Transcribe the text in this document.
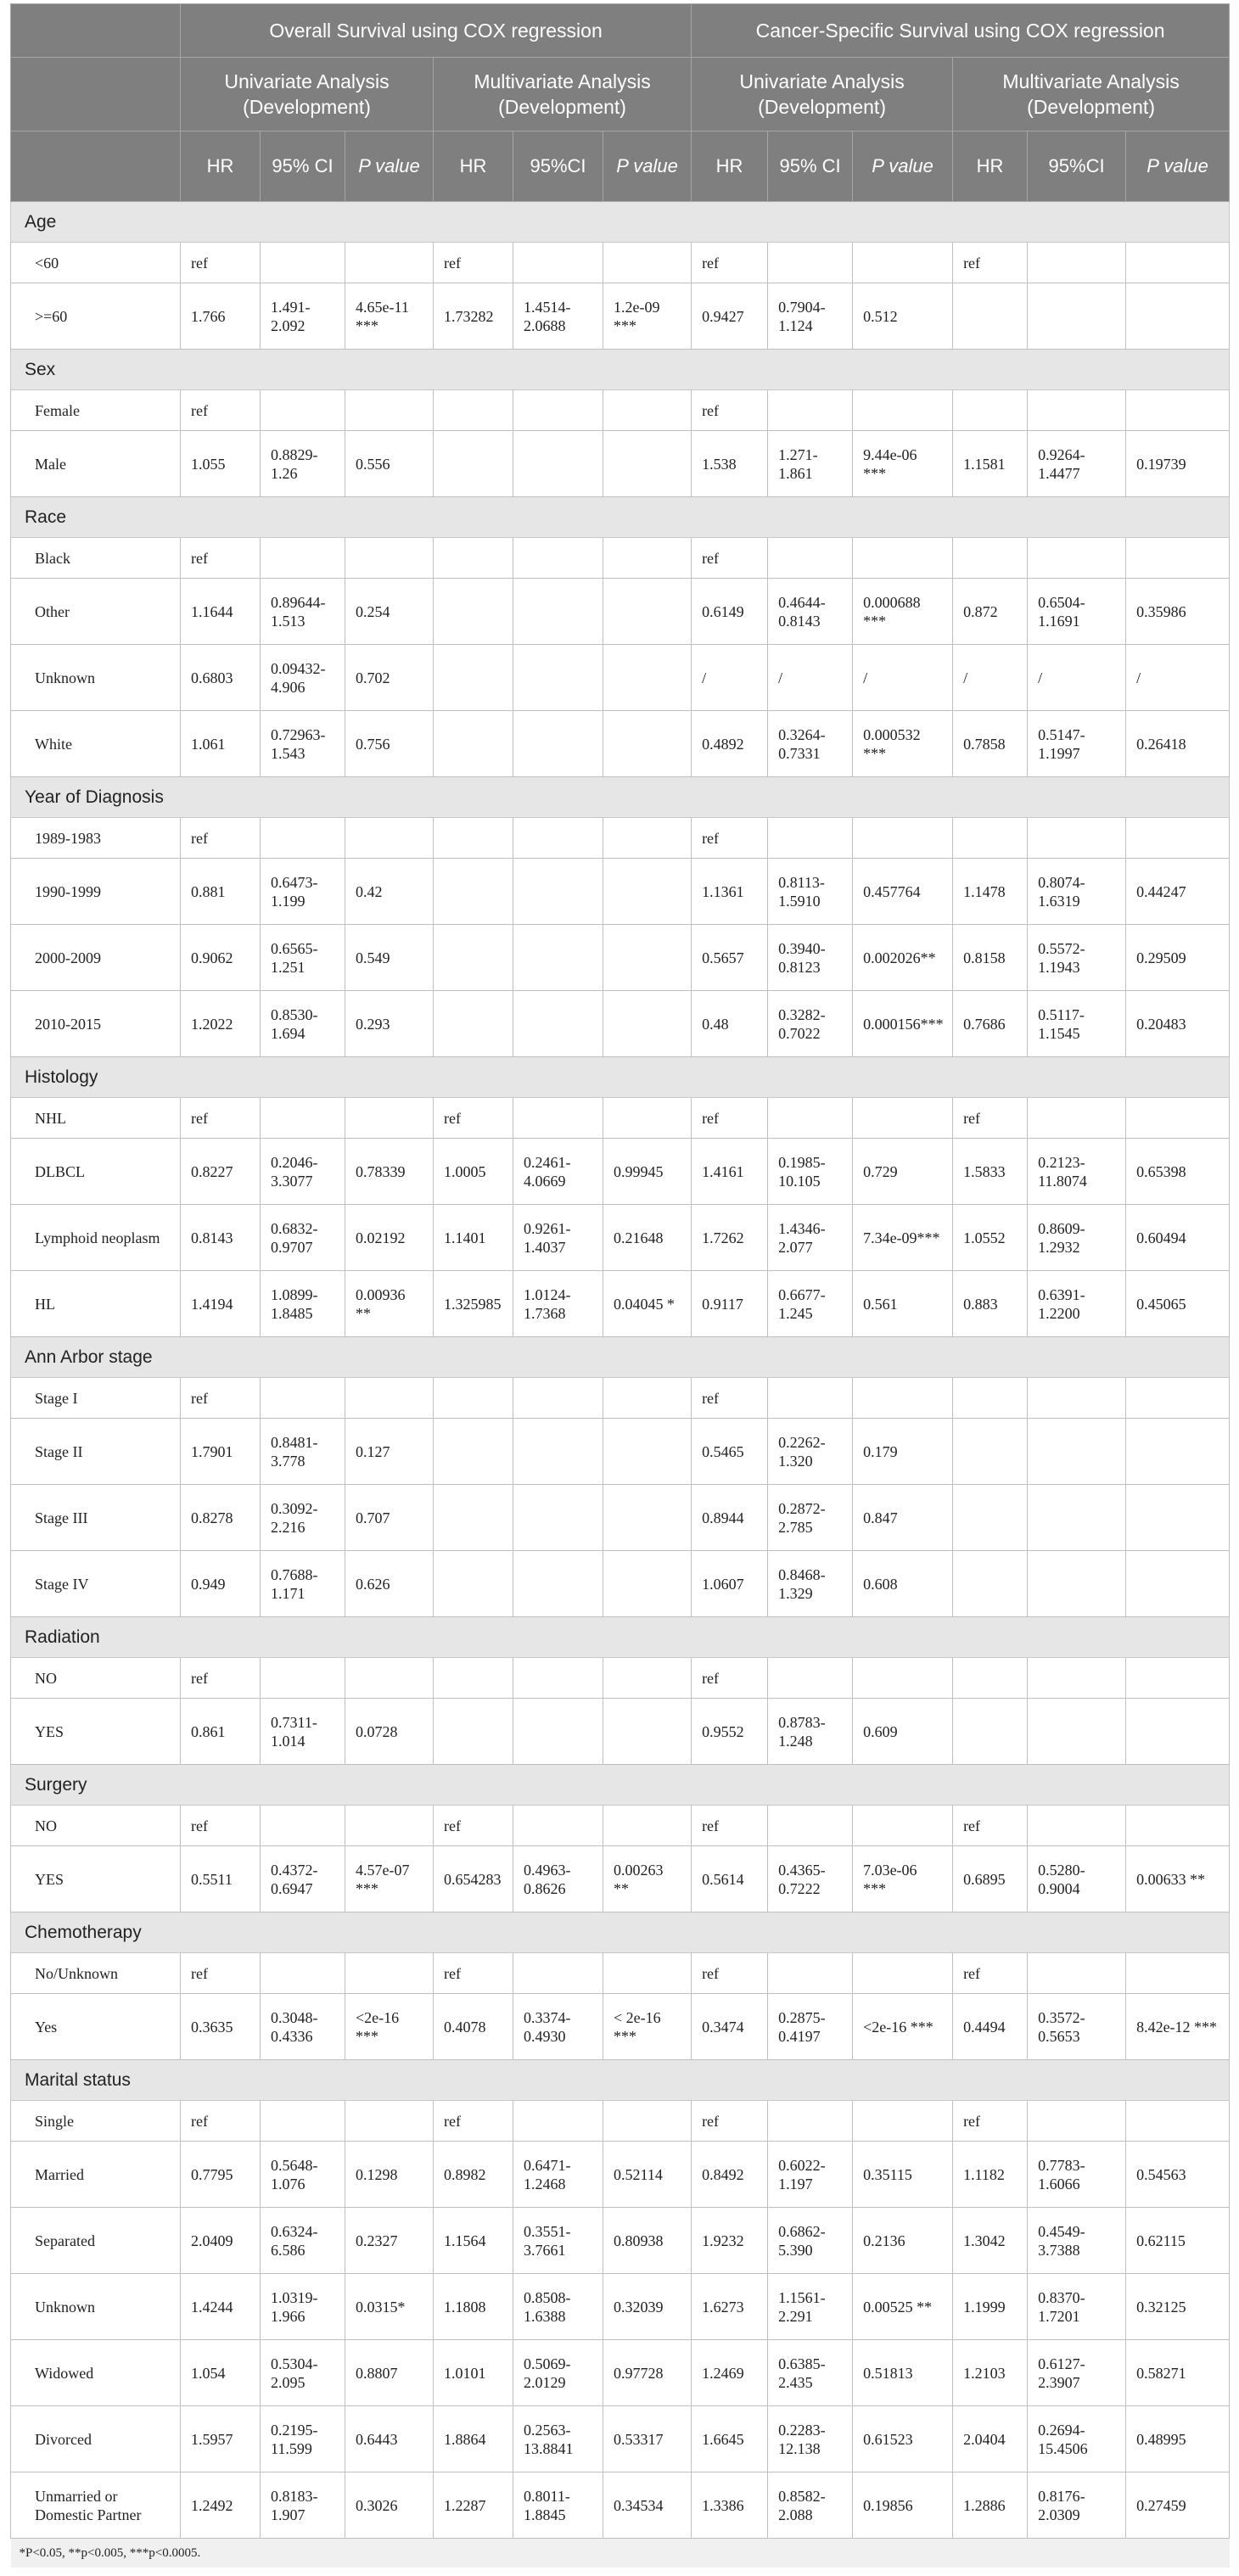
	Overall Survival using COX regression						Cancer-Specific Survival using COX regression					
	Univariate Analysis (Development)			Multivariate Analysis (Development)			Univariate Analysis (Development)			Multivariate Analysis (Development)		
	HR	95% CI	P value	HR	95%CI	P value	HR	95% CI	P value	HR	95%CI	P value
Age												
<60	ref			ref			ref			ref		
>=60	1.766	1.491-2.092	4.65e-11 ***	1.73282	1.4514-2.0688	1.2e-09 ***	0.9427	0.7904-1.124	0.512			
Sex												
Female	ref						ref					
Male	1.055	0.8829-1.26	0.556				1.538	1.271-1.861	9.44e-06 ***	1.1581	0.9264-1.4477	0.19739
Race												
Black	ref						ref					
Other	1.1644	0.89644-1.513	0.254				0.6149	0.4644-0.8143	0.000688 ***	0.872	0.6504-1.1691	0.35986
Unknown	0.6803	0.09432-4.906	0.702				/	/	/	/	/	/
White	1.061	0.72963-1.543	0.756				0.4892	0.3264-0.7331	0.000532 ***	0.7858	0.5147-1.1997	0.26418
Year of Diagnosis												
1989-1983	ref						ref					
1990-1999	0.881	0.6473-1.199	0.42				1.1361	0.8113-1.5910	0.457764	1.1478	0.8074-1.6319	0.44247
2000-2009	0.9062	0.6565-1.251	0.549				0.5657	0.3940-0.8123	0.002026**	0.8158	0.5572-1.1943	0.29509
2010-2015	1.2022	0.8530-1.694	0.293				0.48	0.3282-0.7022	0.000156***	0.7686	0.5117-1.1545	0.20483
Histology												
NHL	ref			ref			ref			ref		
DLBCL	0.8227	0.2046-3.3077	0.78339	1.0005	0.2461-4.0669	0.99945	1.4161	0.1985-10.105	0.729	1.5833	0.2123-11.8074	0.65398
Lymphoid neoplasm	0.8143	0.6832-0.9707	0.02192	1.1401	0.9261-1.4037	0.21648	1.7262	1.4346-2.077	7.34e-09***	1.0552	0.8609-1.2932	0.60494
HL	1.4194	1.0899-1.8485	0.00936 **	1.325985	1.0124-1.7368	0.04045 *	0.9117	0.6677-1.245	0.561	0.883	0.6391-1.2200	0.45065
Ann Arbor stage												
Stage I	ref						ref					
Stage II	1.7901	0.8481-3.778	0.127				0.5465	0.2262-1.320	0.179			
Stage III	0.8278	0.3092-2.216	0.707				0.8944	0.2872-2.785	0.847			
Stage IV	0.949	0.7688-1.171	0.626				1.0607	0.8468-1.329	0.608			
Radiation												
NO	ref						ref					
YES	0.861	0.7311-1.014	0.0728				0.9552	0.8783-1.248	0.609			
Surgery												
NO	ref			ref			ref			ref		
YES	0.5511	0.4372-0.6947	4.57e-07 ***	0.654283	0.4963-0.8626	0.00263 **	0.5614	0.4365-0.7222	7.03e-06 ***	0.6895	0.5280-0.9004	0.00633 **
Chemotherapy												
No/Unknown	ref			ref			ref			ref		
Yes	0.3635	0.3048-0.4336	<2e-16 ***	0.4078	0.3374-0.4930	< 2e-16 ***	0.3474	0.2875-0.4197	<2e-16 ***	0.4494	0.3572-0.5653	8.42e-12 ***
Marital status												
Single	ref			ref			ref			ref		
Married	0.7795	0.5648-1.076	0.1298	0.8982	0.6471-1.2468	0.52114	0.8492	0.6022-1.197	0.35115	1.1182	0.7783-1.6066	0.54563
Separated	2.0409	0.6324-6.586	0.2327	1.1564	0.3551-3.7661	0.80938	1.9232	0.6862-5.390	0.2136	1.3042	0.4549-3.7388	0.62115
Unknown	1.4244	1.0319-1.966	0.0315*	1.1808	0.8508-1.6388	0.32039	1.6273	1.1561-2.291	0.00525 **	1.1999	0.8370-1.7201	0.32125
Widowed	1.054	0.5304-2.095	0.8807	1.0101	0.5069-2.0129	0.97728	1.2469	0.6385-2.435	0.51813	1.2103	0.6127-2.3907	0.58271
Divorced	1.5957	0.2195-11.599	0.6443	1.8864	0.2563-13.8841	0.53317	1.6645	0.2283-12.138	0.61523	2.0404	0.2694-15.4506	0.48995
Unmarried or Domestic Partner	1.2492	0.8183-1.907	0.3026	1.2287	0.8011-1.8845	0.34534	1.3386	0.8582-2.088	0.19856	1.2886	0.8176-2.0309	0.27459
*P<0.05, **p<0.005, ***p<0.0005.												
